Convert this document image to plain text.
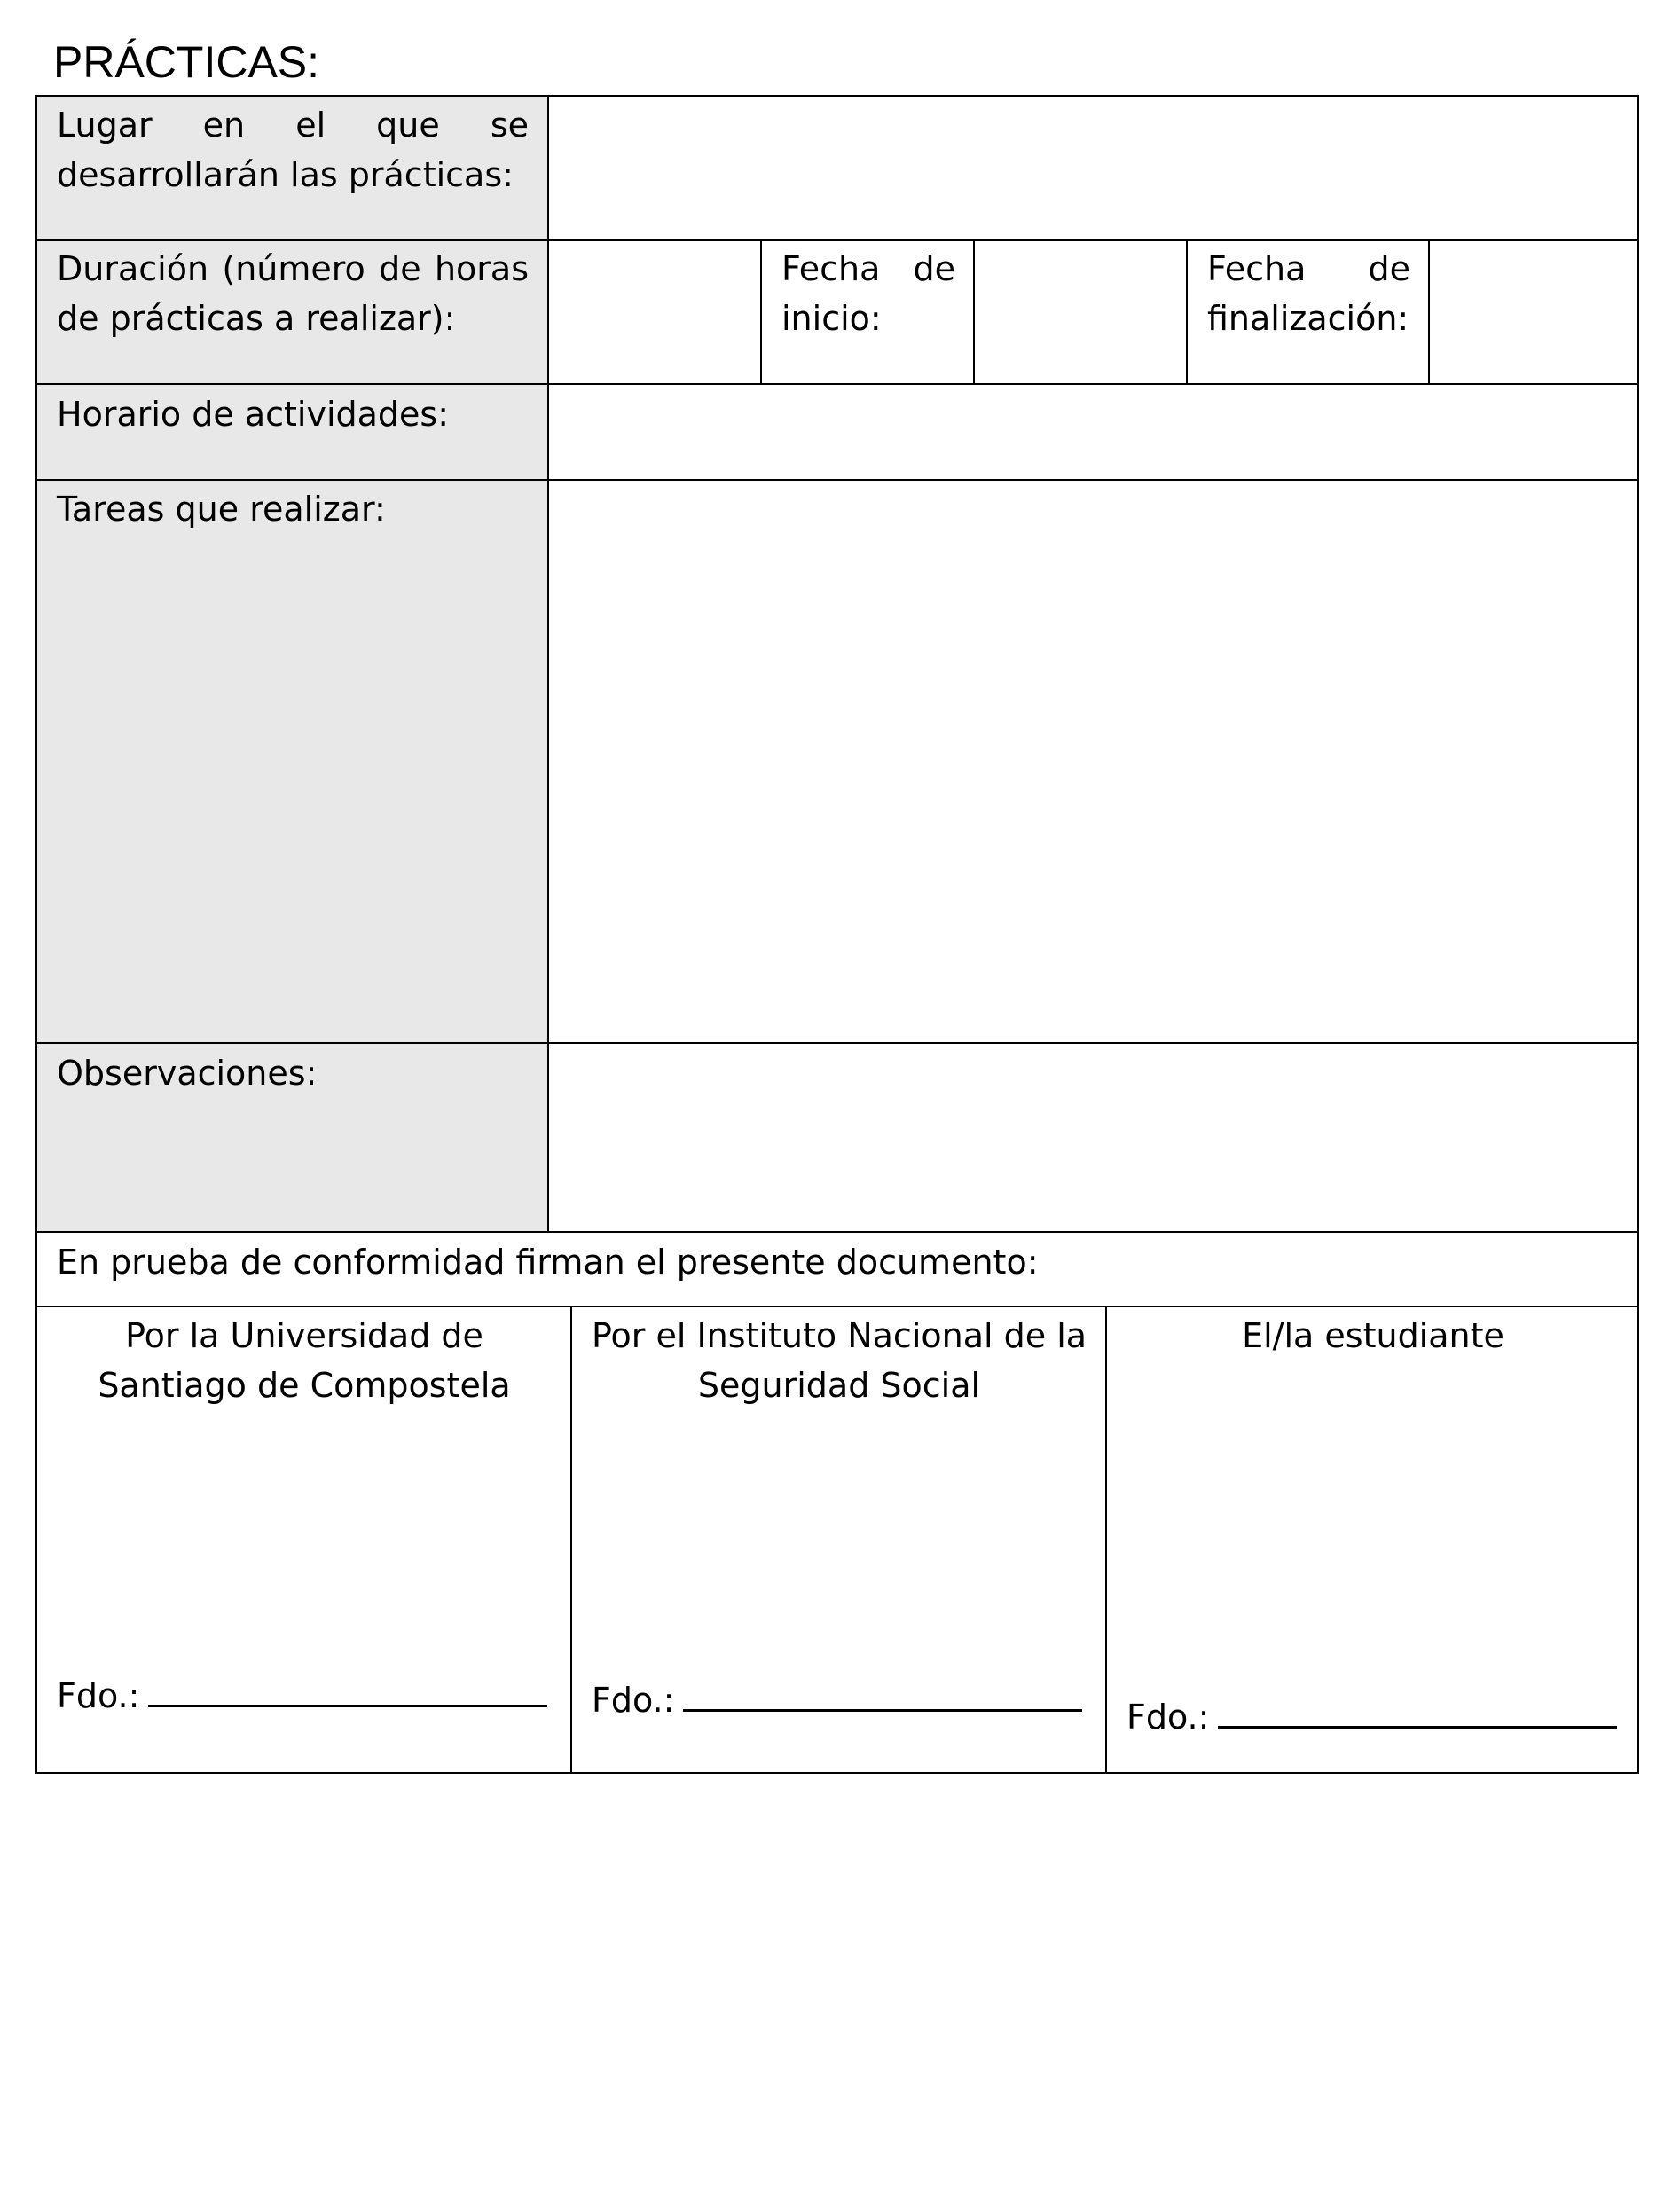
PRÁCTICAS:
Lugar en el que se desarrollarán las prácticas:
Duración (número de horas de prácticas a realizar):
Fecha de inicio:
Fecha de finalización:
Horario de actividades:
Tareas que realizar:
Observaciones:
En prueba de conformidad firman el presente documento:
Por la Universidad de Santiago de Compostela
Fdo.:
Por el Instituto Nacional de la Seguridad Social
Fdo.:
El/la estudiante
Fdo.:
